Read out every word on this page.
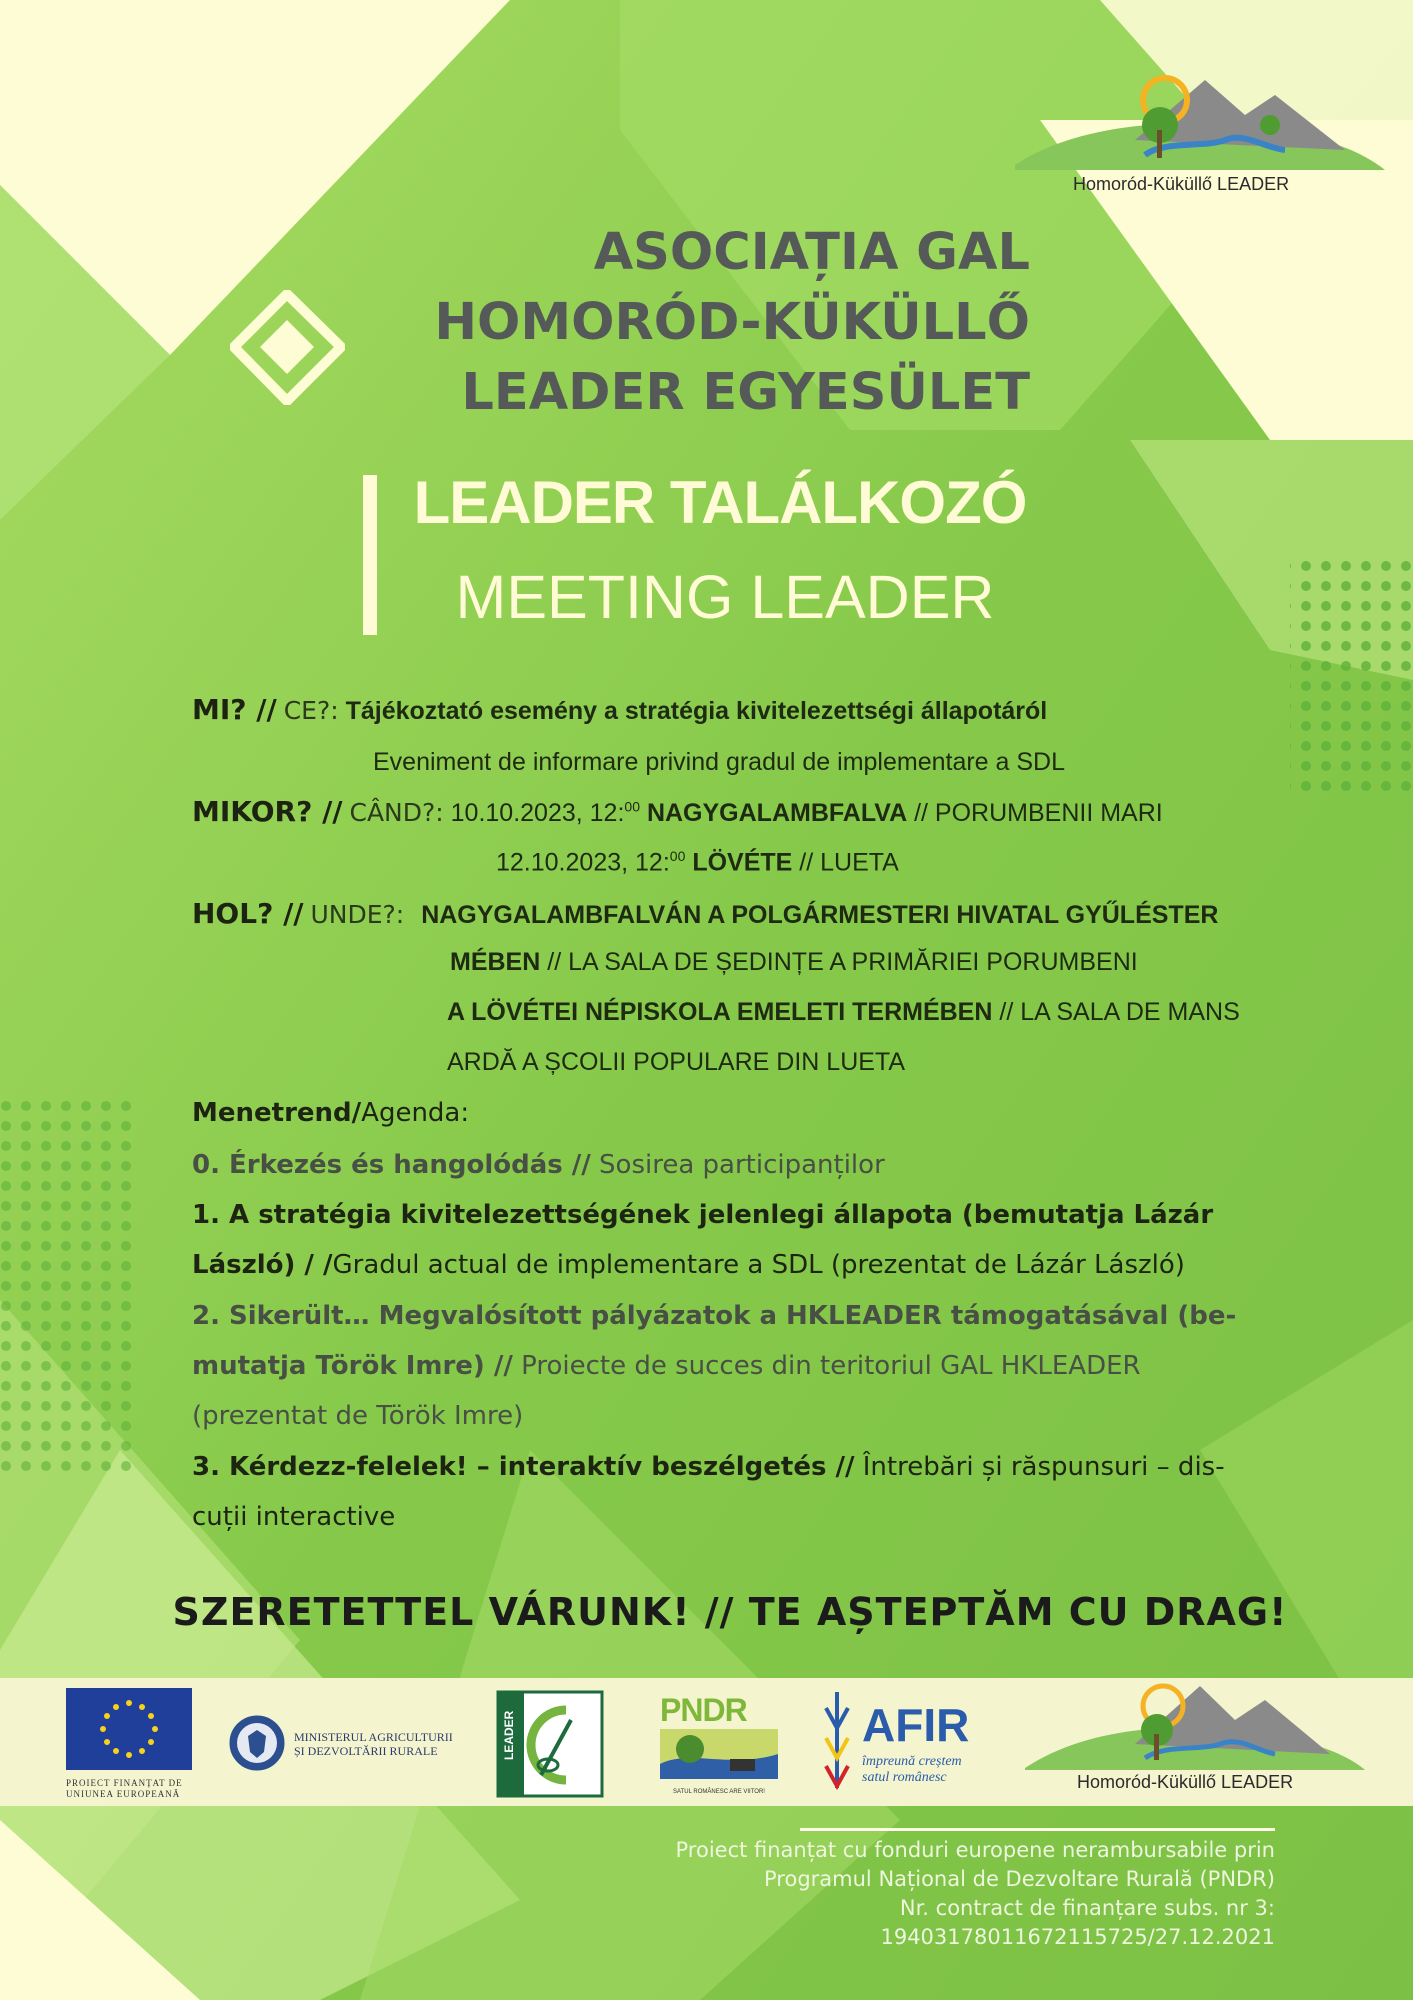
Homoród-Küküllő LEADER
ASOCIAȚIA GAL
HOMORÓD-KÜKÜLLŐ
LEADER EGYESÜLET
LEADER TALÁLKOZÓ
MEETING LEADER
MI? // CE?: Tájékoztató esemény a stratégia kivitelezettségi állapotáról
Eveniment de informare privind gradul de implementare a SDL
MIKOR? // CÂND?: 10.10.2023, 12:$^{00}$ NAGYGALAMBFALVA // PORUMBENII MARI
12.10.2023, 12:$^{00}$ LÖVÉTE // LUETA
HOL? // UNDE?: NAGYGALAMBFALVÁN A POLGÁRMESTERI HIVATAL GYŰLÉSTER
MÉBEN // LA SALA DE ȘEDINȚE A PRIMĂRIEI PORUMBENI
A LÖVÉTEI NÉPISKOLA EMELETI TERMÉBEN // LA SALA DE MANS
ARDĂ A ȘCOLII POPULARE DIN LUETA
Menetrend/Agenda:
0. Érkezés és hangolódás // Sosirea participanților
1. A stratégia kivitelezettségének jelenlegi állapota (bemutatja Lázár
László) / /Gradul actual de implementare a SDL (prezentat de Lázár László)
2. Sikerült… Megvalósított pályázatok a HKLEADER támogatásával (be-
mutatja Török Imre) // Proiecte de succes din teritoriul GAL HKLEADER
(prezentat de Török Imre)
3. Kérdezz-felelek! – interaktív beszélgetés // Întrebări și răspunsuri – dis-
cuții interactive
SZERETETTEL VÁRUNK! // TE AȘTEPTĂM CU DRAG!
PROIECT FINANȚAT DE
UNIUNEA EUROPEANĂ
MINISTERUL AGRICULTURII
ȘI DEZVOLTĂRII RURALE	LEADER
PNDR
SATUL ROMÂNESC ARE VIITOR!
AFIR
împreună creștem
satul românesc	Homoród-Küküllő LEADER
Proiect finanțat cu fonduri europene nerambursabile prin
Programul Național de Dezvoltare Rurală (PNDR)
Nr. contract de finanțare subs. nr 3:
19403178011672115725/27.12.2021
